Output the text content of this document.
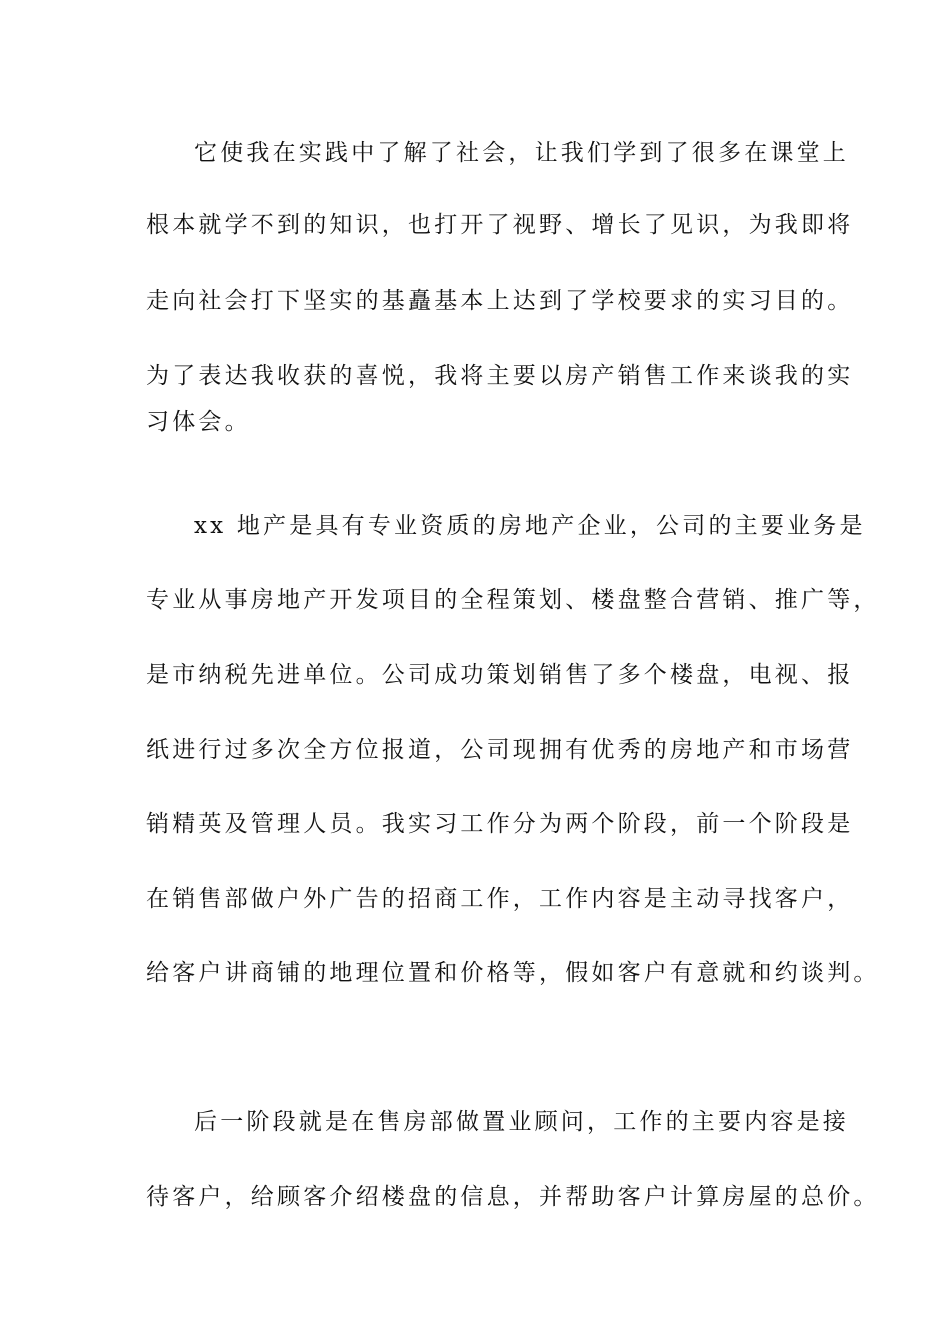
它使我在实践中了解了社会，让我们学到了很多在课堂上
根本就学不到的知识，也打开了视野、增长了见识，为我即将
走向社会打下坚实的基矗基本上达到了学校要求的实习目的。
为了表达我收获的喜悦，我将主要以房产销售工作来谈我的实
习体会。
xx 地产是具有专业资质的房地产企业，公司的主要业务是
专业从事房地产开发项目的全程策划、楼盘整合营销、推广等，
是市纳税先进单位。公司成功策划销售了多个楼盘，电视、报
纸进行过多次全方位报道，公司现拥有优秀的房地产和市场营
销精英及管理人员。我实习工作分为两个阶段，前一个阶段是
在销售部做户外广告的招商工作，工作内容是主动寻找客户，
给客户讲商铺的地理位置和价格等，假如客户有意就和约谈判。
后一阶段就是在售房部做置业顾问，工作的主要内容是接
待客户，给顾客介绍楼盘的信息，并帮助客户计算房屋的总价。
